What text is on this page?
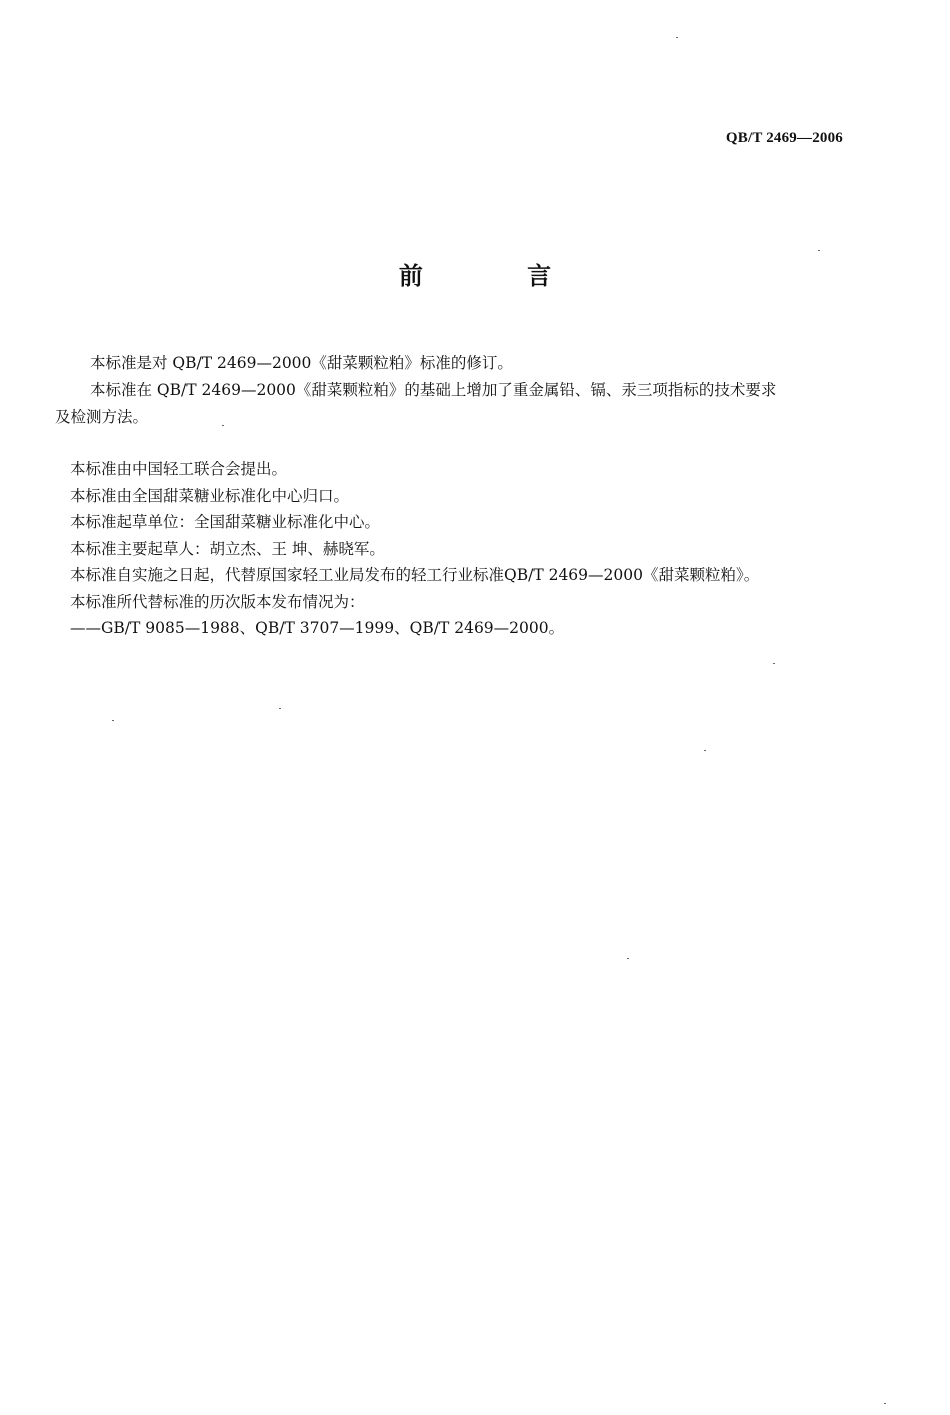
QB/T 2469—2006
前 言

本标准是对 QB/T 2469—2000《甜菜颗粒粕》标准的修订。

本标准在 QB/T 2469—2000《甜菜颗粒粕》的基础上增加了重金属铅、镉、汞三项指标的技术要求

及检测方法。

本标准由中国轻工联合会提出。

本标准由全国甜菜糖业标准化中心归口。

本标准起草单位：全国甜菜糖业标准化中心。

本标准主要起草人：胡立杰、王 坤、赫晓军。

本标准自实施之日起，代替原国家轻工业局发布的轻工行业标准QB/T 2469—2000《甜菜颗粒粕》。

本标准所代替标准的历次版本发布情况为：

——GB/T 9085—1988、QB/T 3707—1999、QB/T 2469—2000。
